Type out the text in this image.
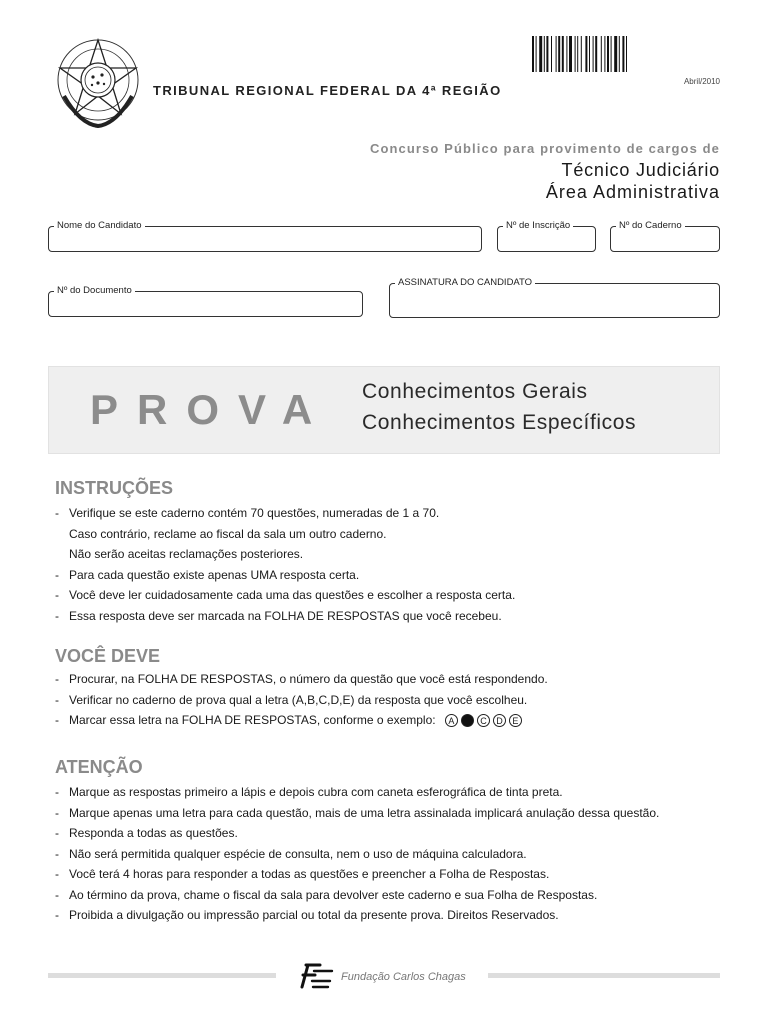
TRIBUNAL REGIONAL FEDERAL DA 4ª REGIÃO
Abril/2010
Concurso Público para provimento de cargos de
Técnico Judiciário
Área Administrativa
Nome do Candidato	Nº de Inscrição	Nº do Caderno
Nº do Documento
ASSINATURA DO CANDIDATO
PROVA Conhecimentos Gerais
Conhecimentos Específicos
INSTRUÇÕES
- Verifique se este caderno contém 70 questões, numeradas de 1 a 70.
Caso contrário, reclame ao fiscal da sala um outro caderno.
Não serão aceitas reclamações posteriores.
- Para cada questão existe apenas UMA resposta certa.
- Você deve ler cuidadosamente cada uma das questões e escolher a resposta certa.
- Essa resposta deve ser marcada na FOLHA DE RESPOSTAS que você recebeu.
VOCÊ DEVE
- Procurar, na FOLHA DE RESPOSTAS, o número da questão que você está respondendo.
- Verificar no caderno de prova qual a letra (A,B,C,D,E) da resposta que você escolheu.
- Marcar essa letra na FOLHA DE RESPOSTAS, conforme o exemplo:	A	C	D	E
ATENÇÃO
- Marque as respostas primeiro a lápis e depois cubra com caneta esferográfica de tinta preta.
- Marque apenas uma letra para cada questão, mais de uma letra assinalada implicará anulação dessa questão.
- Responda a todas as questões.
- Não será permitida qualquer espécie de consulta, nem o uso de máquina calculadora.
- Você terá 4 horas para responder a todas as questões e preencher a Folha de Respostas.
- Ao término da prova, chame o fiscal da sala para devolver este caderno e sua Folha de Respostas.
- Proibida a divulgação ou impressão parcial ou total da presente prova. Direitos Reservados.
Fundação Carlos Chagas
